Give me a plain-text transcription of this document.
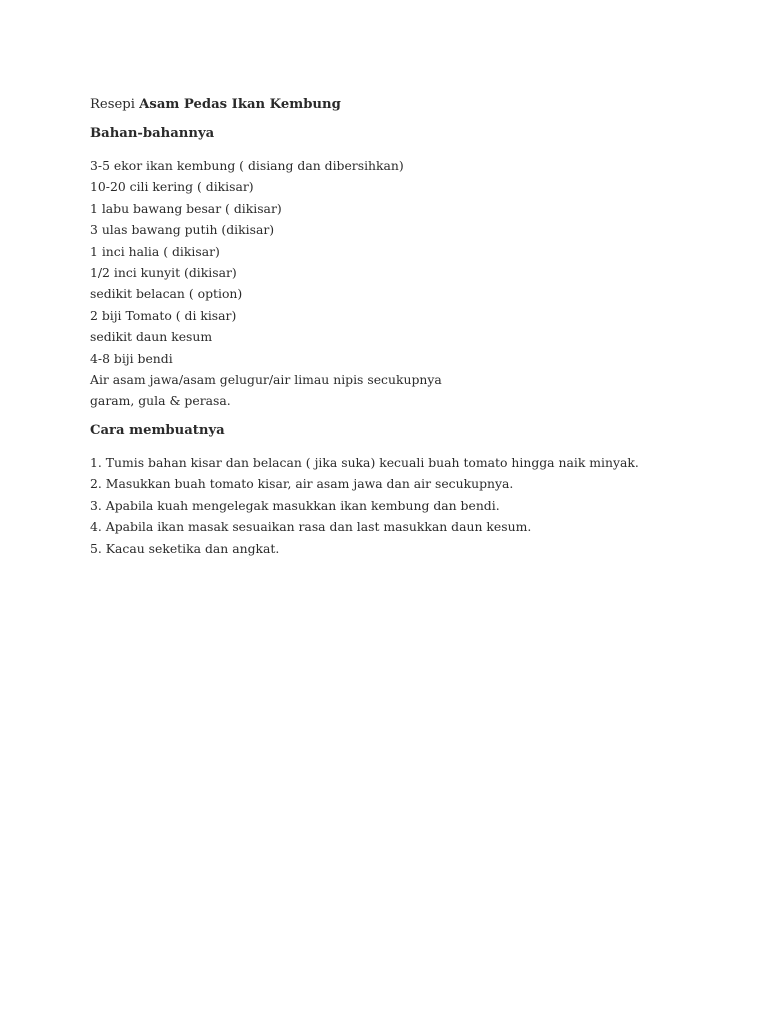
Resepi Asam Pedas Ikan Kembung
Bahan-bahannya
3-5 ekor ikan kembung ( disiang dan dibersihkan)
10-20 cili kering ( dikisar)
1 labu bawang besar ( dikisar)
3 ulas bawang putih (dikisar)
1 inci halia ( dikisar)
1/2 inci kunyit (dikisar)
sedikit belacan ( option)
2 biji Tomato ( di kisar)
sedikit daun kesum
4-8 biji bendi
Air asam jawa/asam gelugur/air limau nipis secukupnya
garam, gula & perasa.
Cara membuatnya
1. Tumis bahan kisar dan belacan ( jika suka) kecuali buah tomato hingga naik minyak.
2. Masukkan buah tomato kisar, air asam jawa dan air secukupnya.
3. Apabila kuah mengelegak masukkan ikan kembung dan bendi.
4. Apabila ikan masak sesuaikan rasa dan last masukkan daun kesum.
5. Kacau seketika dan angkat.
